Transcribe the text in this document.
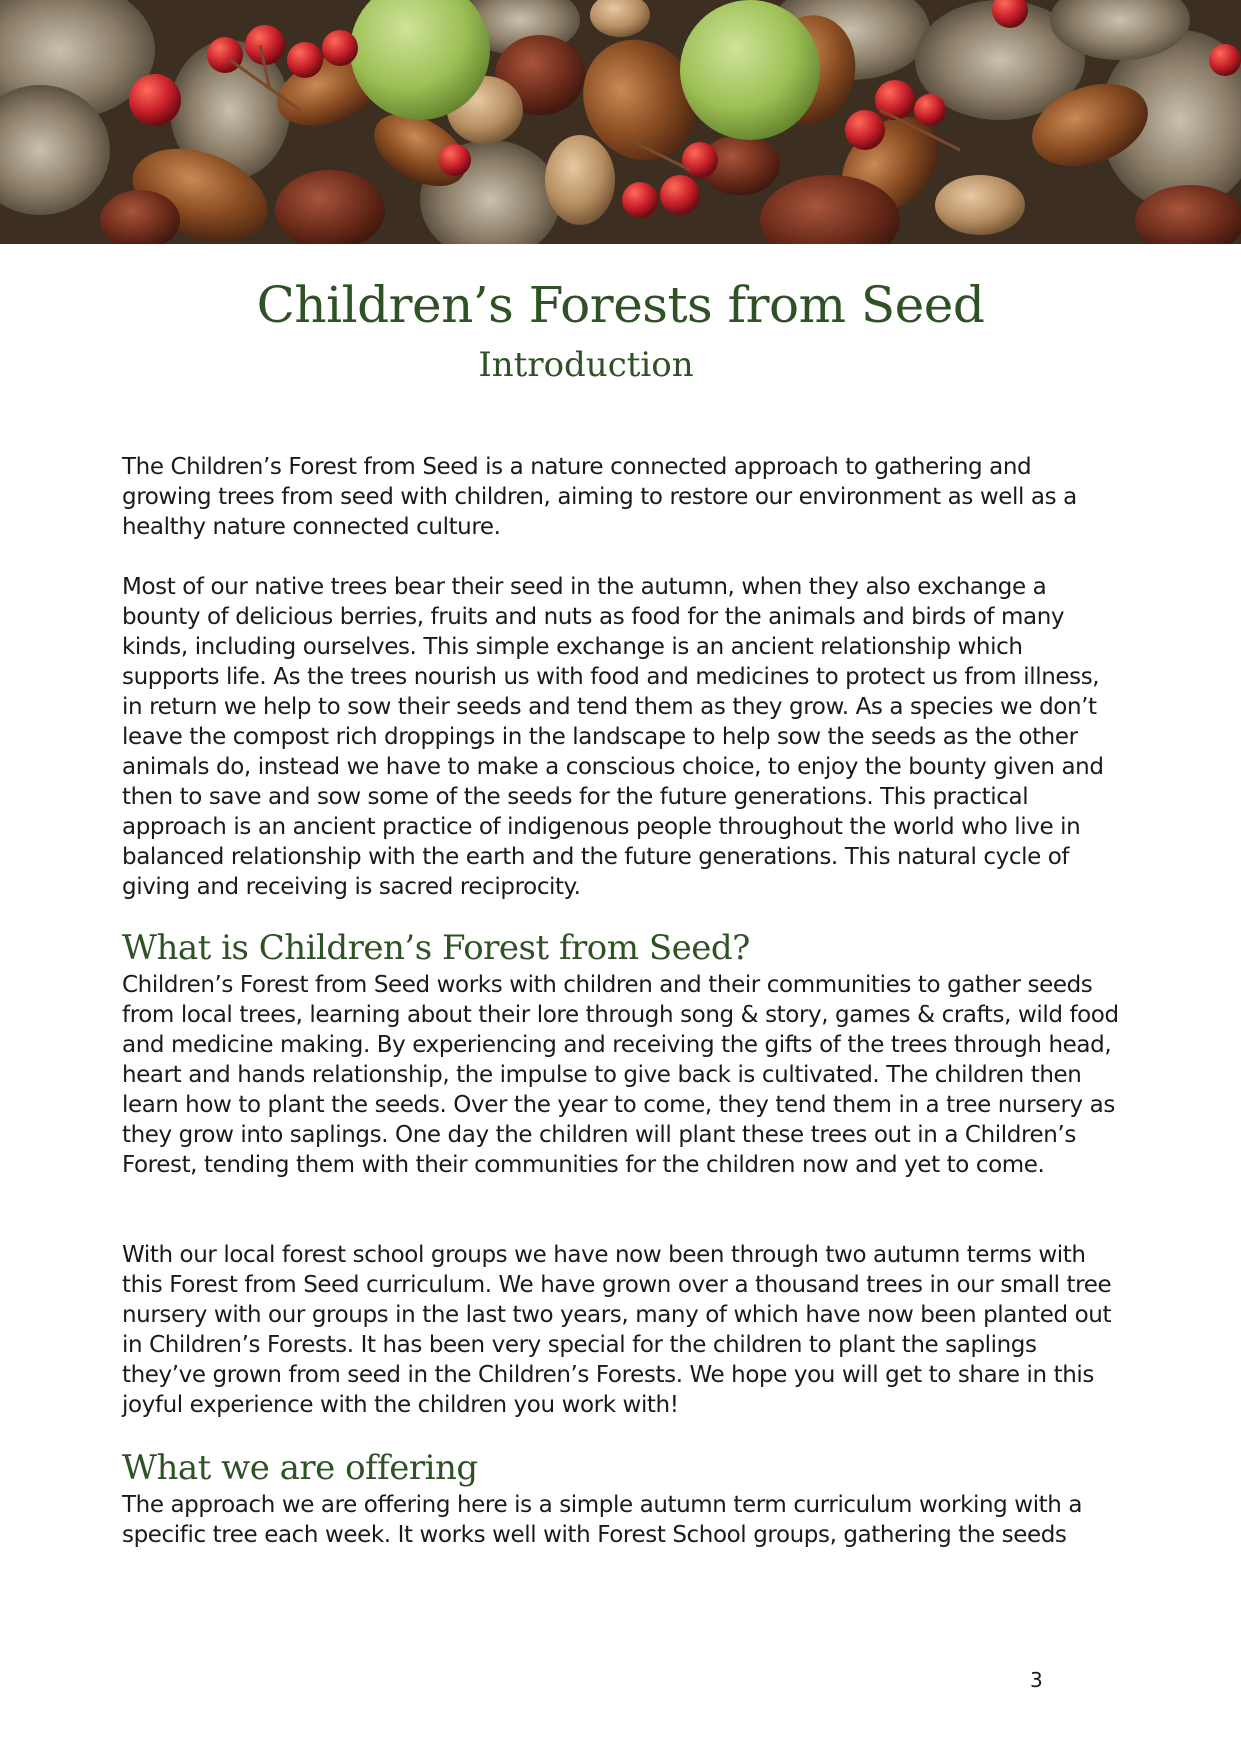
Children’s Forests from Seed
Introduction

The Children’s Forest from Seed is a nature connected approach to gathering and growing trees from seed with children, aiming to restore our environment as well as a healthy nature connected culture.

Most of our native trees bear their seed in the autumn, when they also exchange a bounty of delicious berries, fruits and nuts as food for the animals and birds of many kinds, including ourselves. This simple exchange is an ancient relationship which supports life. As the trees nourish us with food and medicines to protect us from illness, in return we help to sow their seeds and tend them as they grow. As a species we don’t leave the compost rich droppings in the landscape to help sow the seeds as the other animals do, instead we have to make a conscious choice, to enjoy the bounty given and then to save and sow some of the seeds for the future generations. This practical approach is an ancient practice of indigenous people throughout the world who live in balanced relationship with the earth and the future generations. This natural cycle of giving and receiving is sacred reciprocity.

What is Children’s Forest from Seed?

Children’s Forest from Seed works with children and their communities to gather seeds from local trees, learning about their lore through song & story, games & crafts, wild food and medicine making. By experiencing and receiving the gifts of the trees through head, heart and hands relationship, the impulse to give back is cultivated. The children then learn how to plant the seeds. Over the year to come, they tend them in a tree nursery as they grow into saplings. One day the children will plant these trees out in a Children’s Forest, tending them with their communities for the children now and yet to come.

With our local forest school groups we have now been through two autumn terms with this Forest from Seed curriculum. We have grown over a thousand trees in our small tree nursery with our groups in the last two years, many of which have now been planted out in Children’s Forests. It has been very special for the children to plant the saplings they’ve grown from seed in the Children’s Forests. We hope you will get to share in this joyful experience with the children you work with!

What we are offering

The approach we are offering here is a simple autumn term curriculum working with a specific tree each week. It works well with Forest School groups, gathering the seeds

3
